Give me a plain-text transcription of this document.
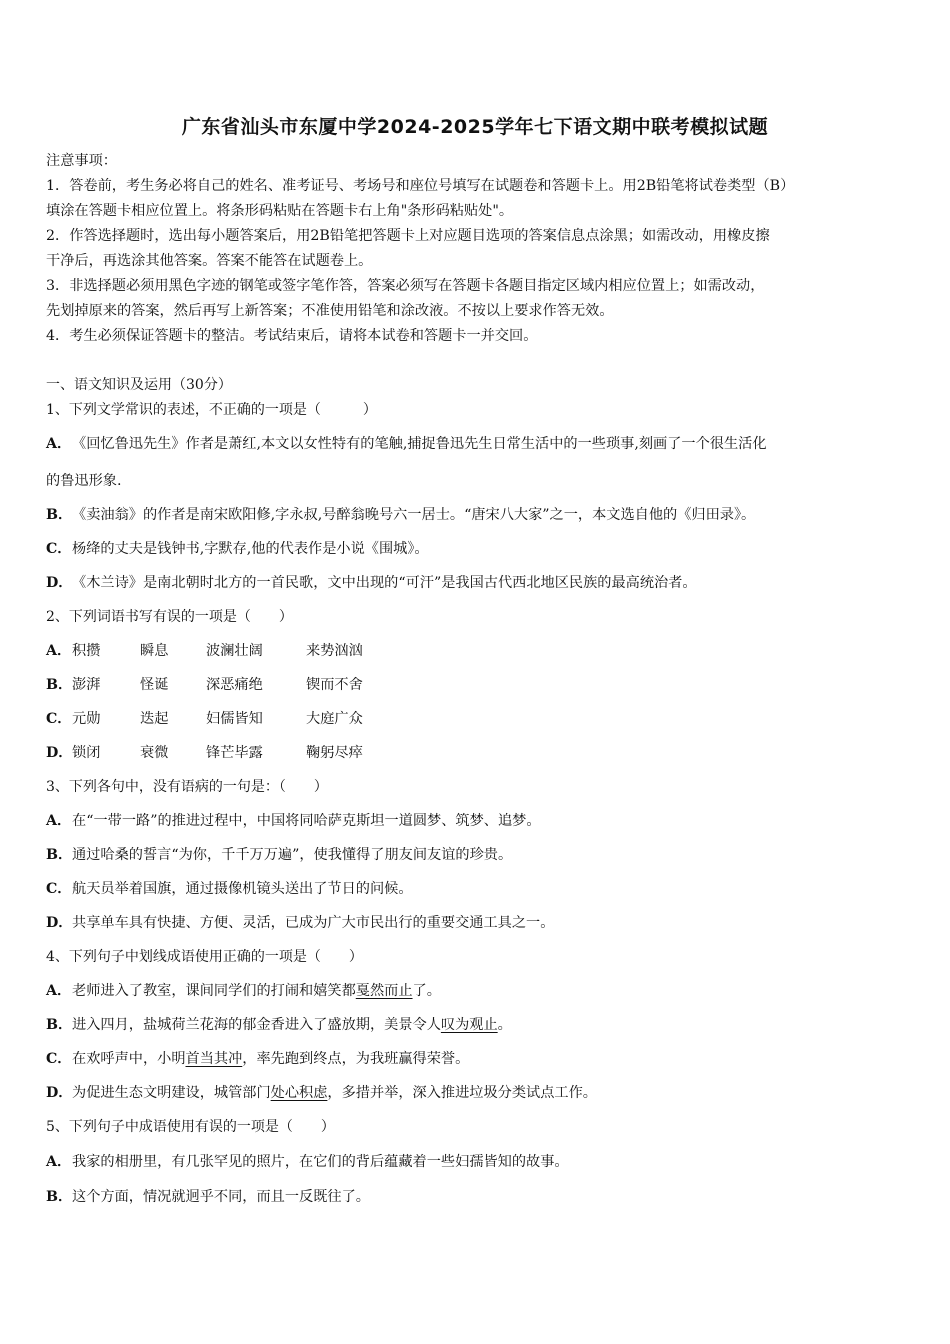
广东省汕头市东厦中学2024-2025学年七下语文期中联考模拟试题
注意事项：
1．答卷前，考生务必将自己的姓名、准考证号、考场号和座位号填写在试题卷和答题卡上。用2B铅笔将试卷类型（B）
填涂在答题卡相应位置上。将条形码粘贴在答题卡右上角"条形码粘贴处"。
2．作答选择题时，选出每小题答案后，用2B铅笔把答题卡上对应题目选项的答案信息点涂黑；如需改动，用橡皮擦
干净后，再选涂其他答案。答案不能答在试题卷上。
3．非选择题必须用黑色字迹的钢笔或签字笔作答，答案必须写在答题卡各题目指定区域内相应位置上；如需改动，
先划掉原来的答案，然后再写上新答案；不准使用铅笔和涂改液。不按以上要求作答无效。
4．考生必须保证答题卡的整洁。考试结束后，请将本试卷和答题卡一并交回。
一、语文知识及运用（30分）
1、下列文学常识的表述，不正确的一项是（　　　）
A．《回忆鲁迅先生》作者是萧红,本文以女性特有的笔触,捕捉鲁迅先生日常生活中的一些琐事,刻画了一个很生活化
的鲁迅形象.
B．《卖油翁》的作者是南宋欧阳修,字永叔,号醉翁晚号六一居士。“唐宋八大家”之一，本文选自他的《归田录》。
C．杨绛的丈夫是钱钟书,字默存,他的代表作是小说《围城》。
D．《木兰诗》是南北朝时北方的一首民歌，文中出现的“可汗”是我国古代西北地区民族的最高统治者。
2、下列词语书写有误的一项是（　　）
A．积攒	瞬息	波澜壮阔	来势汹汹
B．澎湃	怪诞	深恶痛绝	锲而不舍
C．元勋	迭起	妇儒皆知	大庭广众
D．锁闭	衰微	锋芒毕露	鞠躬尽瘁
3、下列各句中，没有语病的一句是：（　　）
A．在“一带一路”的推进过程中，中国将同哈萨克斯坦一道圆梦、筑梦、追梦。
B．通过哈桑的誓言“为你，千千万万遍”，使我懂得了朋友间友谊的珍贵。
C．航天员举着国旗，通过摄像机镜头送出了节日的问候。
D．共享单车具有快捷、方便、灵活，已成为广大市民出行的重要交通工具之一。
4、下列句子中划线成语使用正确的一项是（　　）
A．老师进入了教室，课间同学们的打闹和嬉笑都戛然而止了。
B．进入四月，盐城荷兰花海的郁金香进入了盛放期，美景令人叹为观止。
C．在欢呼声中，小明首当其冲，率先跑到终点，为我班赢得荣誉。
D．为促进生态文明建设，城管部门处心积虑，多措并举，深入推进垃圾分类试点工作。
5、下列句子中成语使用有误的一项是（　　）
A．我家的相册里，有几张罕见的照片，在它们的背后蕴藏着一些妇孺皆知的故事。
B．这个方面，情况就迥乎不同，而且一反既往了。
